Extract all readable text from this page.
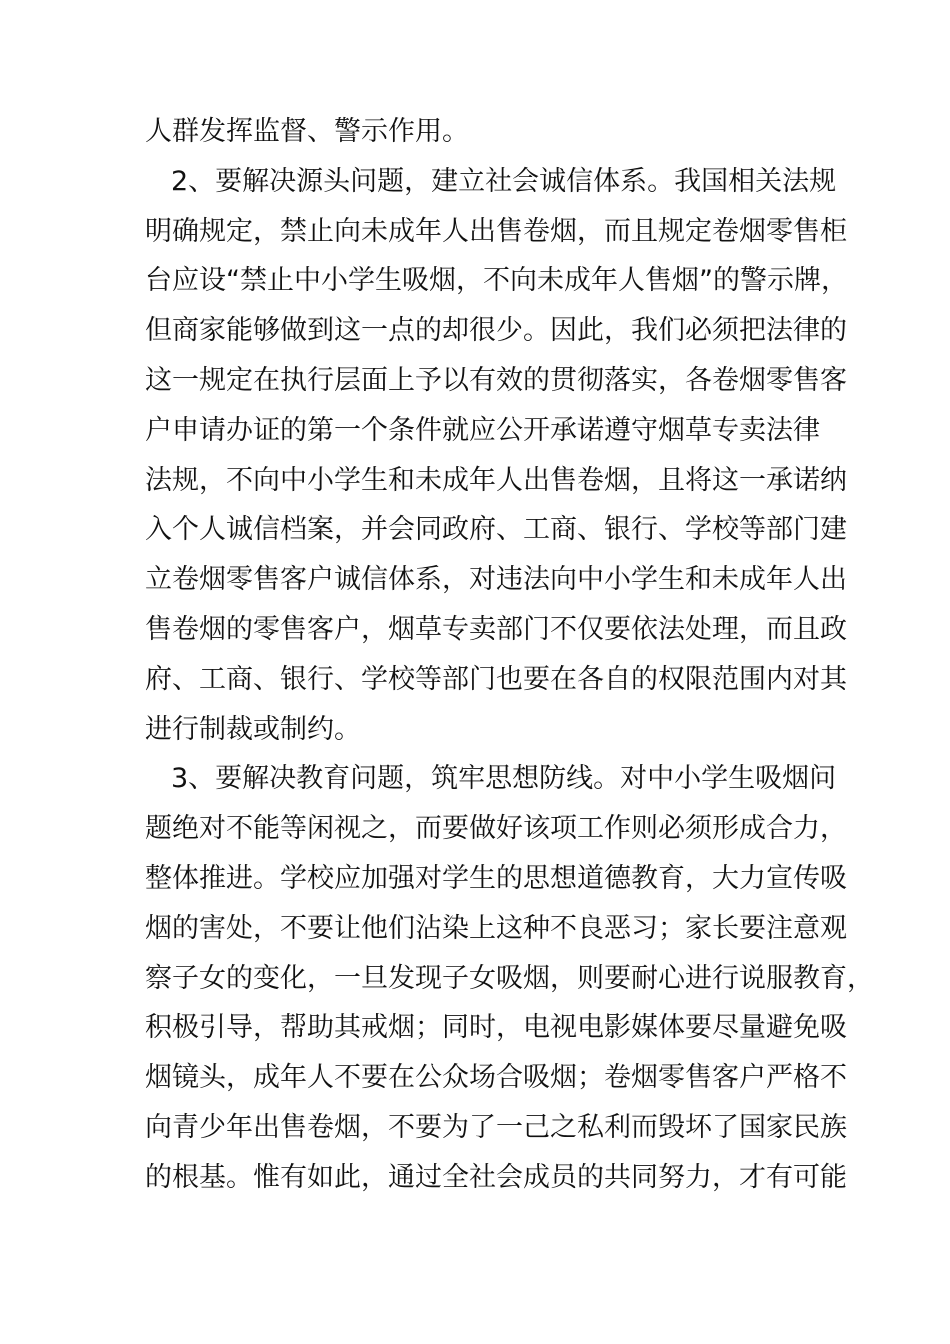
人群发挥监督、警示作用。
2、要解决源头问题，建立社会诚信体系。我国相关法规
明确规定，禁止向未成年人出售卷烟，而且规定卷烟零售柜
台应设“禁止中小学生吸烟，不向未成年人售烟”的警示牌，
但商家能够做到这一点的却很少。因此，我们必须把法律的
这一规定在执行层面上予以有效的贯彻落实，各卷烟零售客
户申请办证的第一个条件就应公开承诺遵守烟草专卖法律
法规，不向中小学生和未成年人出售卷烟，且将这一承诺纳
入个人诚信档案，并会同政府、工商、银行、学校等部门建
立卷烟零售客户诚信体系，对违法向中小学生和未成年人出
售卷烟的零售客户，烟草专卖部门不仅要依法处理，而且政
府、工商、银行、学校等部门也要在各自的权限范围内对其
进行制裁或制约。
3、要解决教育问题，筑牢思想防线。对中小学生吸烟问
题绝对不能等闲视之，而要做好该项工作则必须形成合力，
整体推进。学校应加强对学生的思想道德教育，大力宣传吸
烟的害处，不要让他们沾染上这种不良恶习；家长要注意观
察子女的变化，一旦发现子女吸烟，则要耐心进行说服教育，
积极引导，帮助其戒烟；同时，电视电影媒体要尽量避免吸
烟镜头，成年人不要在公众场合吸烟；卷烟零售客户严格不
向青少年出售卷烟，不要为了一己之私利而毁坏了国家民族
的根基。惟有如此，通过全社会成员的共同努力，才有可能
